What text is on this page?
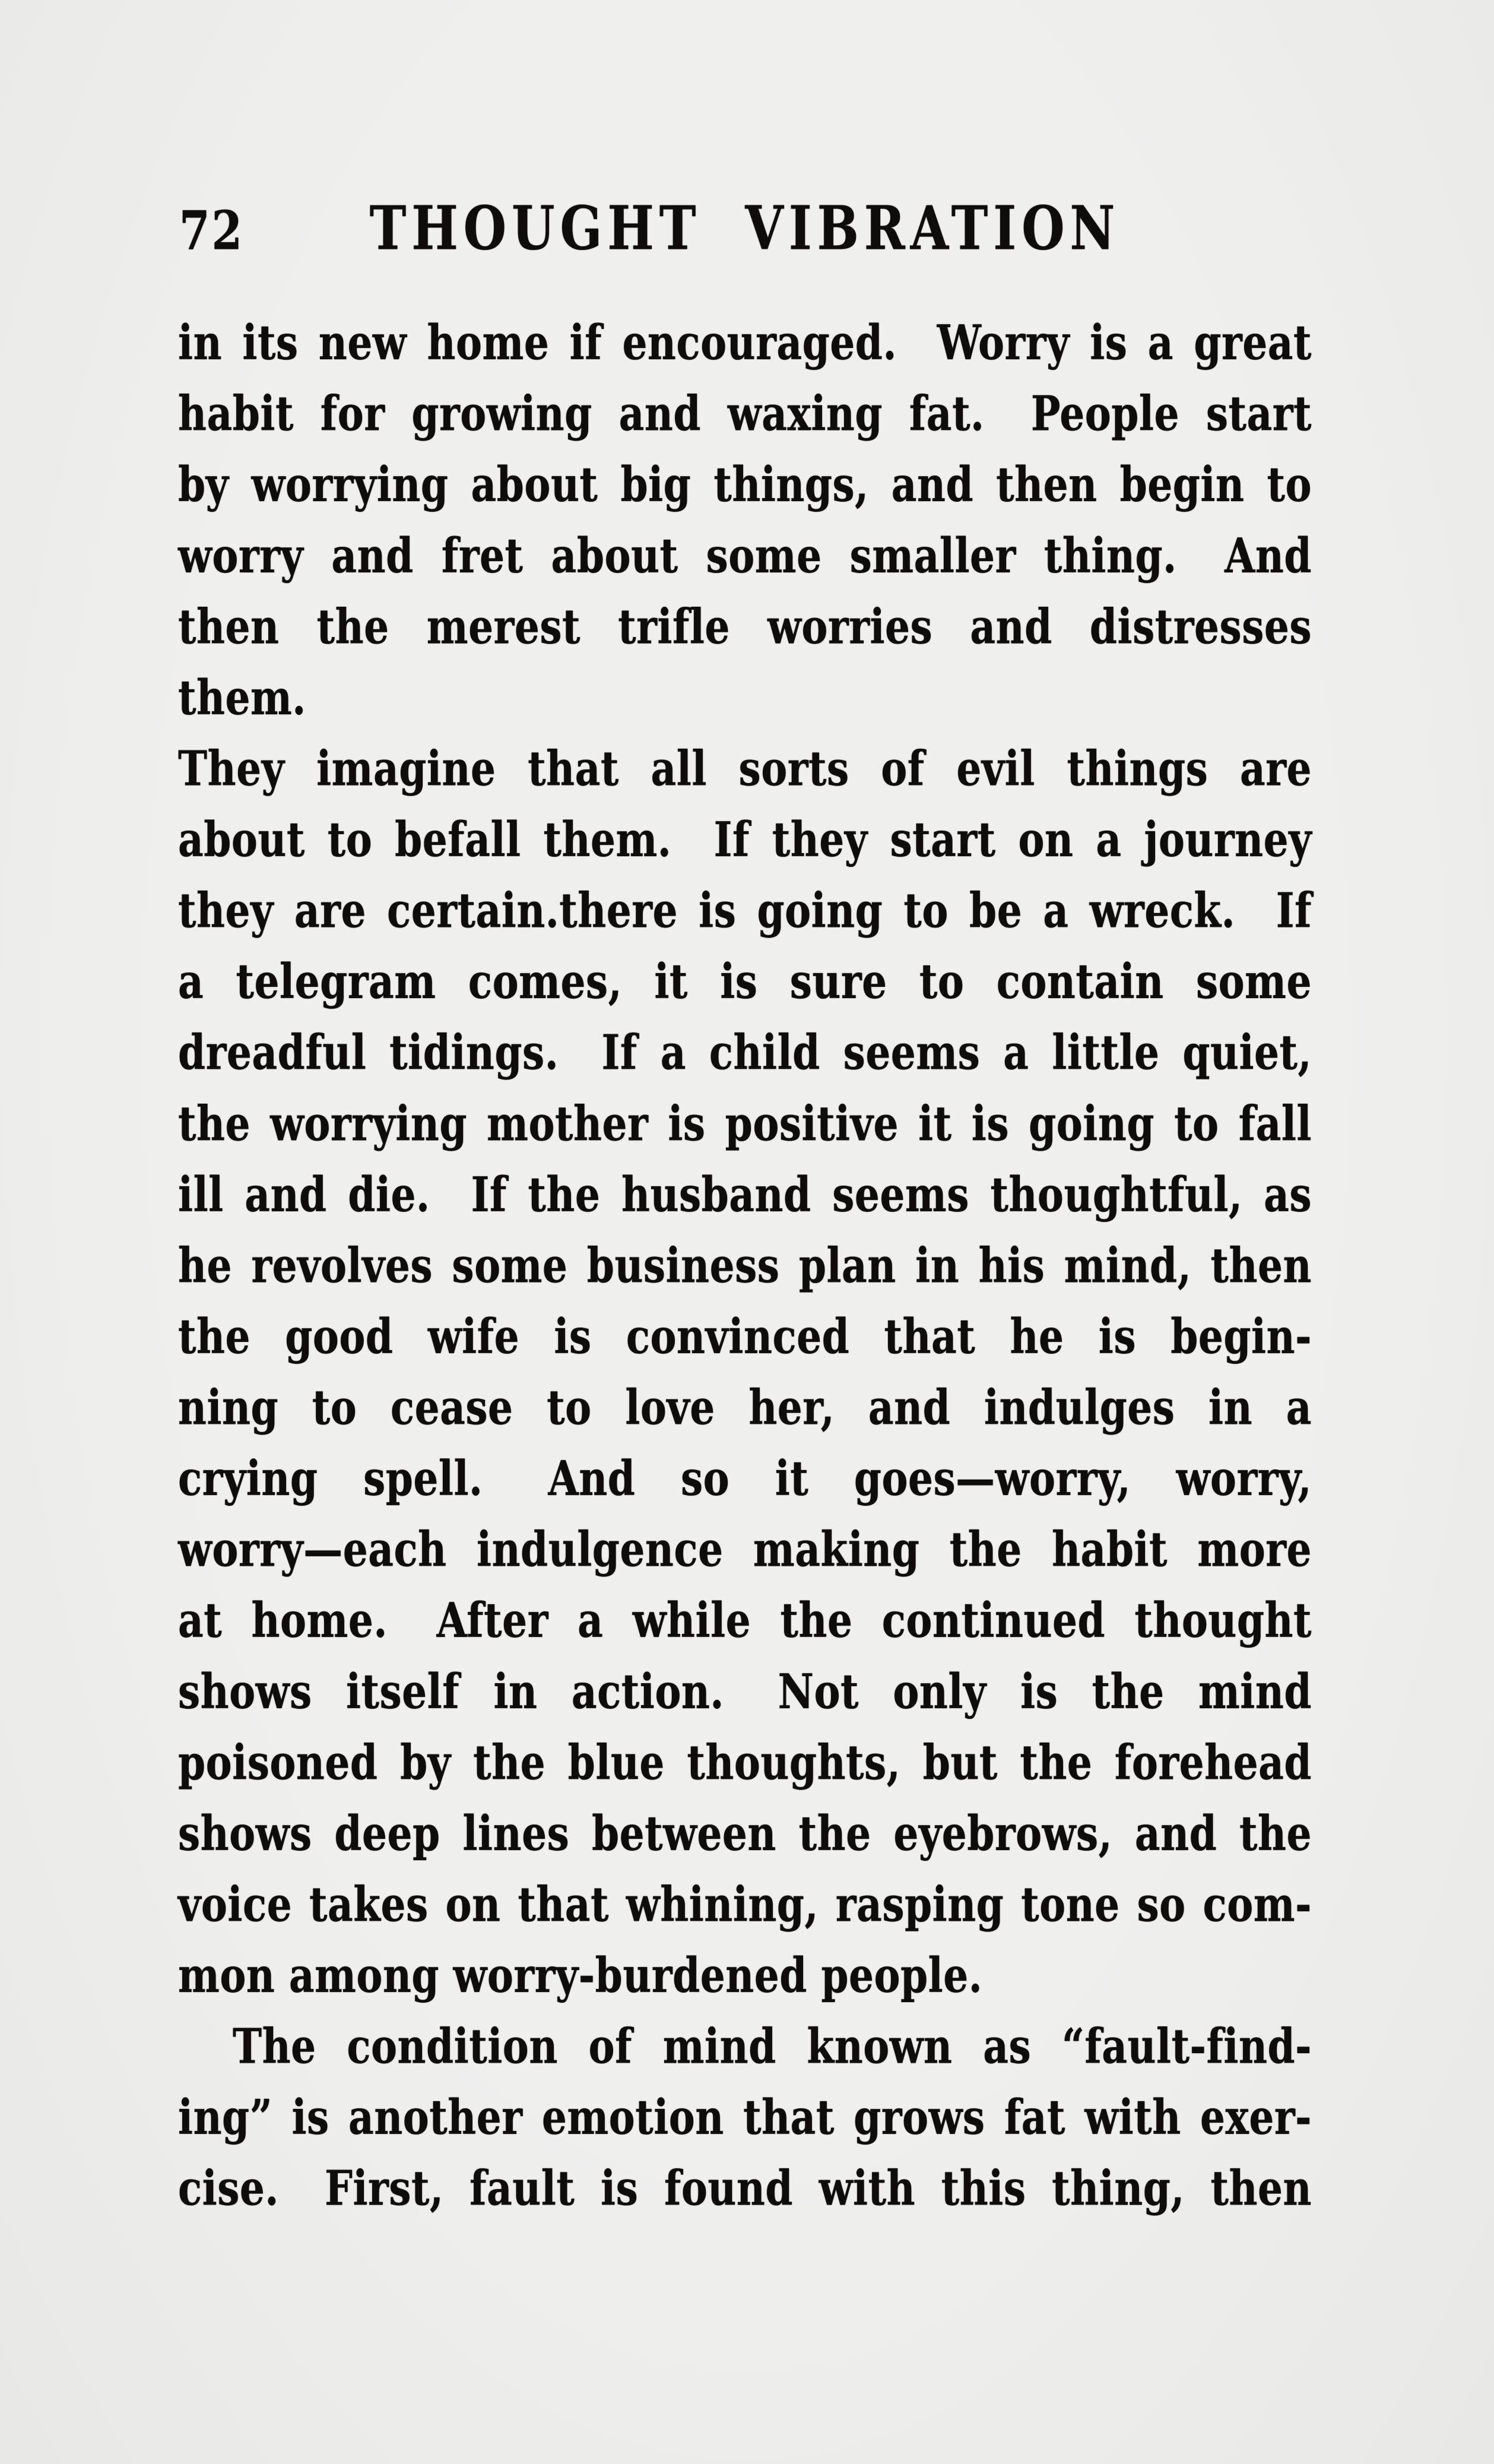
72	THOUGHT VIBRATION
in its new home if encouraged.  Worry is a great
habit for growing and waxing fat.  People start
by worrying about big things, and then begin to
worry and fret about some smaller thing.  And
then the merest trifle worries and distresses them.
They imagine that all sorts of evil things are
about to befall them.  If they start on a journey
they are certain.there is going to be a wreck.  If
a telegram comes, it is sure to contain some
dreadful tidings.  If a child seems a little quiet,
the worrying mother is positive it is going to fall
ill and die.  If the husband seems thoughtful, as
he revolves some business plan in his mind, then
the good wife is convinced that he is begin-
ning to cease to love her, and indulges in a
crying spell.  And so it goes—worry, worry,
worry—each indulgence making the habit more
at home.  After a while the continued thought
shows itself in action.  Not only is the mind
poisoned by the blue thoughts, but the forehead
shows deep lines between the eyebrows, and the
voice takes on that whining, rasping tone so com-
mon among worry-burdened people.
The condition of mind known as “fault-find-
ing” is another emotion that grows fat with exer-
cise.  First, fault is found with this thing, then
